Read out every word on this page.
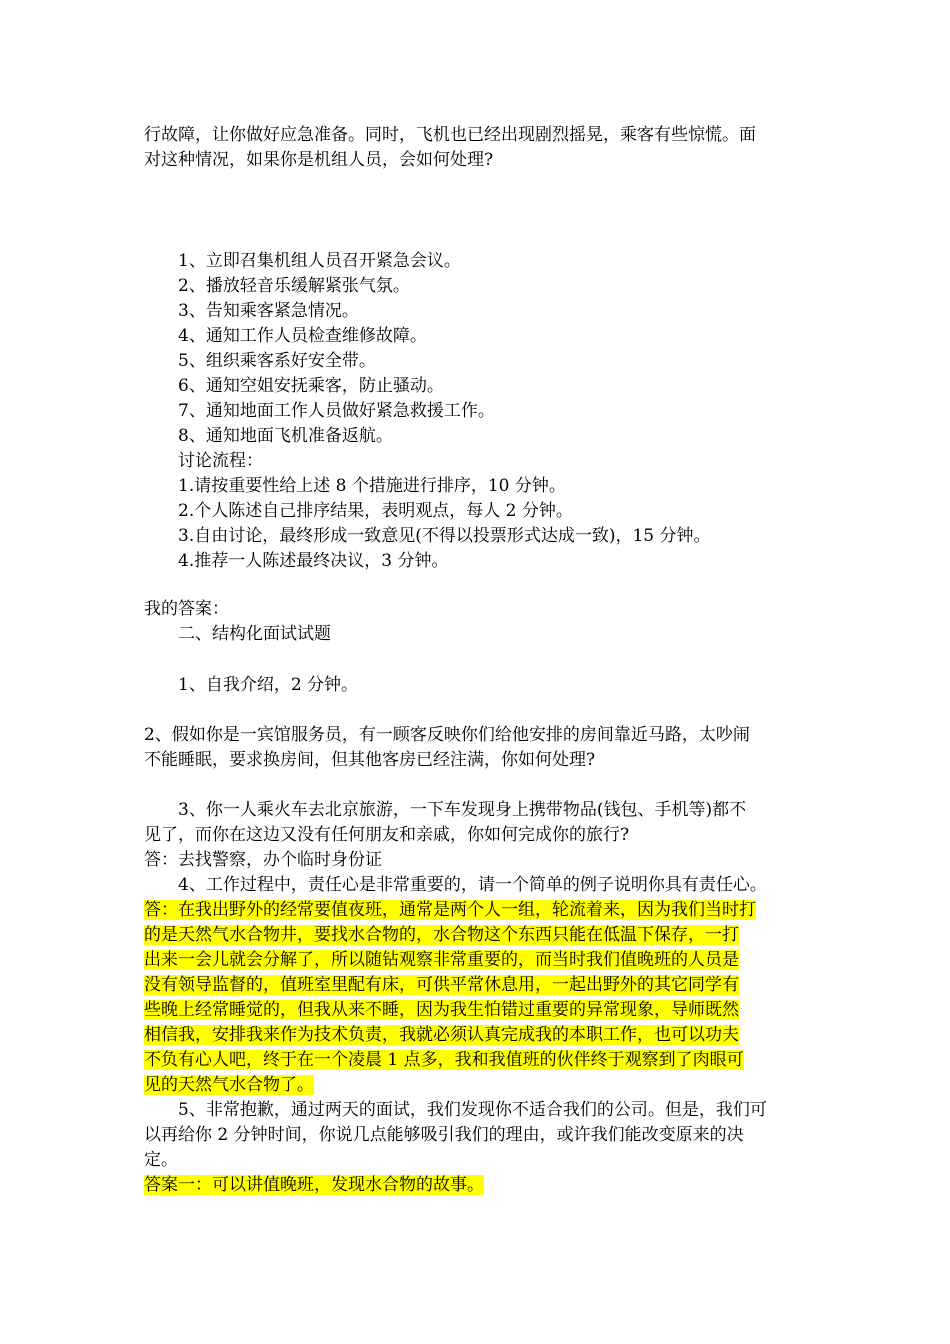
行故障，让你做好应急准备。同时，飞机也已经出现剧烈摇晃，乘客有些惊慌。面
对这种情况，如果你是机组人员，会如何处理?
1、立即召集机组人员召开紧急会议。
2、播放轻音乐缓解紧张气氛。
3、告知乘客紧急情况。
4、通知工作人员检查维修故障。
5、组织乘客系好安全带。
6、通知空姐安抚乘客，防止骚动。
7、通知地面工作人员做好紧急救援工作。
8、通知地面飞机准备返航。
讨论流程：
1.请按重要性给上述 8 个措施进行排序，10 分钟。
2.个人陈述自己排序结果，表明观点，每人 2 分钟。
3.自由讨论，最终形成一致意见(不得以投票形式达成一致)，15 分钟。
4.推荐一人陈述最终决议，3 分钟。
我的答案：
二、结构化面试试题
1、自我介绍，2 分钟。
2、假如你是一宾馆服务员，有一顾客反映你们给他安排的房间靠近马路，太吵闹
不能睡眠，要求换房间，但其他客房已经注满，你如何处理?
3、你一人乘火车去北京旅游，一下车发现身上携带物品(钱包、手机等)都不
见了，而你在这边又没有任何朋友和亲戚，你如何完成你的旅行?
答：去找警察，办个临时身份证
4、工作过程中，责任心是非常重要的，请一个简单的例子说明你具有责任心。
答：在我出野外的经常要值夜班，通常是两个人一组，轮流着来，因为我们当时打
的是天然气水合物井，要找水合物的，水合物这个东西只能在低温下保存，一打
出来一会儿就会分解了，所以随钻观察非常重要的，而当时我们值晚班的人员是
没有领导监督的，值班室里配有床，可供平常休息用，一起出野外的其它同学有
些晚上经常睡觉的，但我从来不睡，因为我生怕错过重要的异常现象，导师既然
相信我，安排我来作为技术负责，我就必须认真完成我的本职工作，也可以功夫
不负有心人吧，终于在一个凌晨 1 点多，我和我值班的伙伴终于观察到了肉眼可
见的天然气水合物了。
5、非常抱歉，通过两天的面试，我们发现你不适合我们的公司。但是，我们可
以再给你 2 分钟时间，你说几点能够吸引我们的理由，或许我们能改变原来的决
定。
答案一：可以讲值晚班，发现水合物的故事。
